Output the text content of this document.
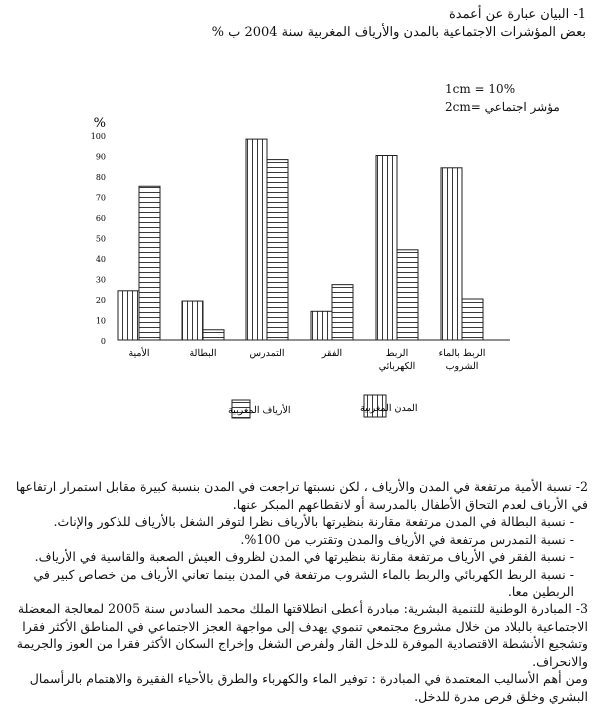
1- البيان عبارة عن أعمدة
بعض المؤشرات الاجتماعية بالمدن والأرياف المغربية سنة 2004 ب %
1cm = 10%
2cm= مؤشر اجتماعي
0
10
20
30
40
50
60
70
80
90
100
%
الأمية	البطالة	التمدرس	الفقر	الربط
الكهربائي
الربط بالماء
الشروب
الأرياف المغربية	المدن المغربية
2- نسبة الأمية مرتفعة في المدن والأرياف ، لكن نسبتها تراجعت في المدن بنسبة كبيرة مقابل استمرار ارتفاعها في الأرياف لعدم التحاق الأطفال بالمدرسة أو لانقطاعهم المبكر عنها.
- نسبة البطالة في المدن مرتفعة مقارنة بنظيرتها بالأرياف نظرا لتوفر الشغل بالأرياف للذكور والإناث.
- نسبة التمدرس مرتفعة في الأرياف والمدن وتقترب من 100%.
- نسبة الفقر في الأرياف مرتفعة مقارنة بنظيرتها في المدن لظروف العيش الصعبة والقاسية في الأرياف.
- نسبة الربط الكهربائي والربط بالماء الشروب مرتفعة في المدن بينما تعاني الأرياف من خصاص كبير في الربطين معا.
3- المبادرة الوطنية للتنمية البشرية: مبادرة أعطى انطلاقتها الملك محمد السادس سنة 2005 لمعالجة المعضلة الاجتماعية بالبلاد من خلال مشروع مجتمعي تنموي يهدف إلى مواجهة العجز الاجتماعي في المناطق الأكثر فقرا وتشجيع الأنشطة الاقتصادية الموفرة للدخل القار ولفرص الشغل وإخراج السكان الأكثر فقرا من العوز والجريمة والانحراف.
ومن أهم الأساليب المعتمدة في المبادرة : توفير الماء والكهرباء والطرق بالأحياء الفقيرة والاهتمام بالرأسمال البشري وخلق فرص مدرة للدخل.
